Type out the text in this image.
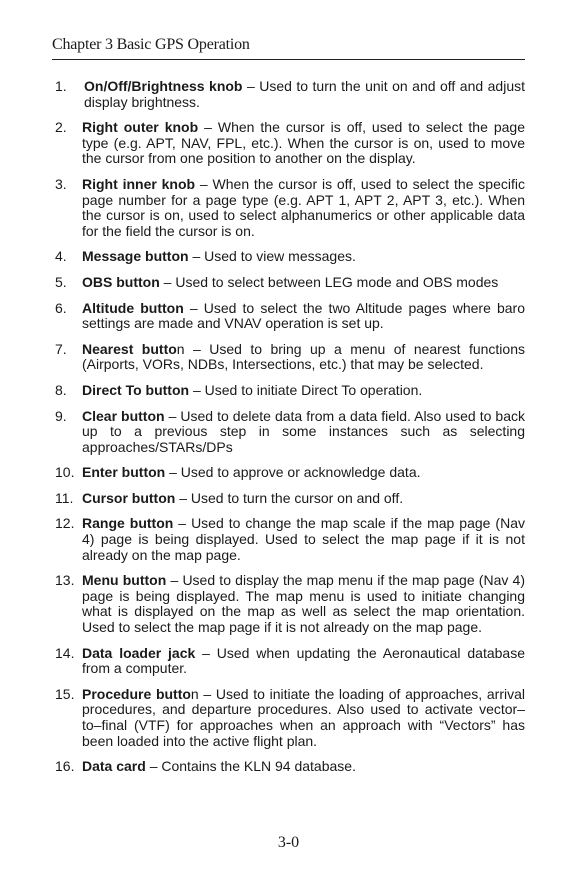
Chapter 3 Basic GPS Operation
1.	On/Off/Brightness knob – Used to turn the unit on and off and adjust display brightness.
2.	Right outer knob – When the cursor is off, used to select the page type (e.g. APT, NAV, FPL, etc.). When the cursor is on, used to move the cursor from one position to another on the display.
3.	Right inner knob – When the cursor is off, used to select the specific page number for a page type (e.g. APT 1, APT 2, APT 3, etc.). When the cursor is on, used to select alphanumerics or other applicable data for the field the cursor is on.
4.	Message button – Used to view messages.
5.	OBS button – Used to select between LEG mode and OBS modes
6.	Altitude button – Used to select the two Altitude pages where baro settings are made and VNAV operation is set up.
7.	Nearest button – Used to bring up a menu of nearest functions (Airports, VORs, NDBs, Intersections, etc.) that may be selected.
8.	Direct To button – Used to initiate Direct To operation.
9.	Clear button – Used to delete data from a data field. Also used to back up to a previous step in some instances such as selecting approaches/STARs/DPs
10. Enter button – Used to approve or acknowledge data.
11. Cursor button – Used to turn the cursor on and off.
12. Range button – Used to change the map scale if the map page (Nav 4) page is being displayed. Used to select the map page if it is not already on the map page.
13. Menu button – Used to display the map menu if the map page (Nav 4) page is being displayed. The map menu is used to initiate changing what is displayed on the map as well as select the map orientation. Used to select the map page if it is not already on the map page.
14. Data loader jack – Used when updating the Aeronautical database from a computer.
15. Procedure button – Used to initiate the loading of approaches, arrival procedures, and departure procedures. Also used to activate vector–to–final (VTF) for approaches when an approach with “Vectors” has been loaded into the active flight plan.
16. Data card – Contains the KLN 94 database.
3-0
